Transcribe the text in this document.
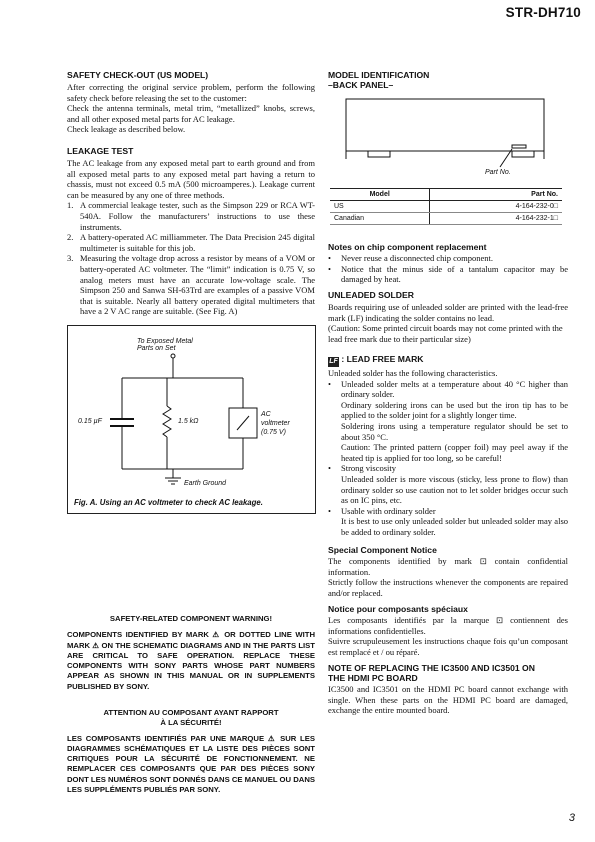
STR-DH710
SAFETY CHECK-OUT (US MODEL)
After correcting the original service problem, perform the following safety check before releasing the set to the customer:
Check the antenna terminals, metal trim, “metallized” knobs, screws, and all other exposed metal parts for AC leakage.
Check leakage as described below.
LEAKAGE TEST
The AC leakage from any exposed metal part to earth ground and from all exposed metal parts to any exposed metal part having a return to chassis, must not exceed 0.5 mA (500 microamperes.). Leakage current can be measured by any one of three methods.
1. A commercial leakage tester, such as the Simpson 229 or RCA WT-540A. Follow the manufacturers’ instructions to use these instruments.
2. A battery-operated AC milliammeter. The Data Precision 245 digital multimeter is suitable for this job.
3. Measuring the voltage drop across a resistor by means of a VOM or battery-operated AC voltmeter. The “limit” indication is 0.75 V, so analog meters must have an accurate low-voltage scale. The Simpson 250 and Sanwa SH-63Trd are examples of a passive VOM that is suitable. Nearly all battery operated digital multimeters that have a 2 V AC range are suitable. (See Fig. A)
To Exposed Metal
Parts on Set
0.15 µF	1.5 kΩ
AC
voltmeter
(0.75 V)
Earth Ground
Fig. A. Using an AC voltmeter to check AC leakage.
SAFETY-RELATED COMPONENT WARNING!
COMPONENTS IDENTIFIED BY MARK ⚠ OR DOTTED LINE WITH MARK ⚠ ON THE SCHEMATIC DIAGRAMS AND IN THE PARTS LIST ARE CRITICAL TO SAFE OPERATION. REPLACE THESE COMPONENTS WITH SONY PARTS WHOSE PART NUMBERS APPEAR AS SHOWN IN THIS MANUAL OR IN SUPPLEMENTS PUBLISHED BY SONY.
ATTENTION AU COMPOSANT AYANT RAPPORT
À LA SÉCURITÉ!
LES COMPOSANTS IDENTIFIÉS PAR UNE MARQUE ⚠ SUR LES DIAGRAMMES SCHÉMATIQUES ET LA LISTE DES PIÈCES SONT CRITIQUES POUR LA SÉCURITÉ DE FONCTIONNEMENT. NE REMPLACER CES COMPOSANTS QUE PAR DES PIÈCES SONY DONT LES NUMÉROS SONT DONNÉS DANS CE MANUEL OU DANS LES SUPPLÉMENTS PUBLIÉS PAR SONY.
MODEL IDENTIFICATION
–BACK PANEL–
Part No.
Model	Part No.
US	4-164-232-0□
Canadian	4-164-232-1□
Notes on chip component replacement
• Never reuse a disconnected chip component.
• Notice that the minus side of a tantalum capacitor may be damaged by heat.
UNLEADED SOLDER
Boards requiring use of unleaded solder are printed with the lead-free mark (LF) indicating the solder contains no lead.
(Caution: Some printed circuit boards may not come printed with the lead free mark due to their particular size)
LF : LEAD FREE MARK
Unleaded solder has the following characteristics.
• Unleaded solder melts at a temperature about 40 °C higher than ordinary solder.
Ordinary soldering irons can be used but the iron tip has to be applied to the solder joint for a slightly longer time.
Soldering irons using a temperature regulator should be set to about 350 °C.
Caution: The printed pattern (copper foil) may peel away if the heated tip is applied for too long, so be careful!
• Strong viscosity
Unleaded solder is more viscous (sticky, less prone to flow) than ordinary solder so use caution not to let solder bridges occur such as on IC pins, etc.
• Usable with ordinary solder
It is best to use only unleaded solder but unleaded solder may also be added to ordinary solder.
Special Component Notice
The components identified by mark ⊡ contain confidential information.
Strictly follow the instructions whenever the components are repaired and/or replaced.
Notice pour composants spéciaux
Les composants identifiés par la marque ⊡ contiennent des informations confidentielles.
Suivre scrupuleusement les instructions chaque fois qu’un composant est remplacé et / ou réparé.
NOTE OF REPLACING THE IC3500 AND IC3501 ON
THE HDMI PC BOARD
IC3500 and IC3501 on the HDMI PC board cannot exchange with single. When these parts on the HDMI PC board are damaged, exchange the entire mounted board.
3
